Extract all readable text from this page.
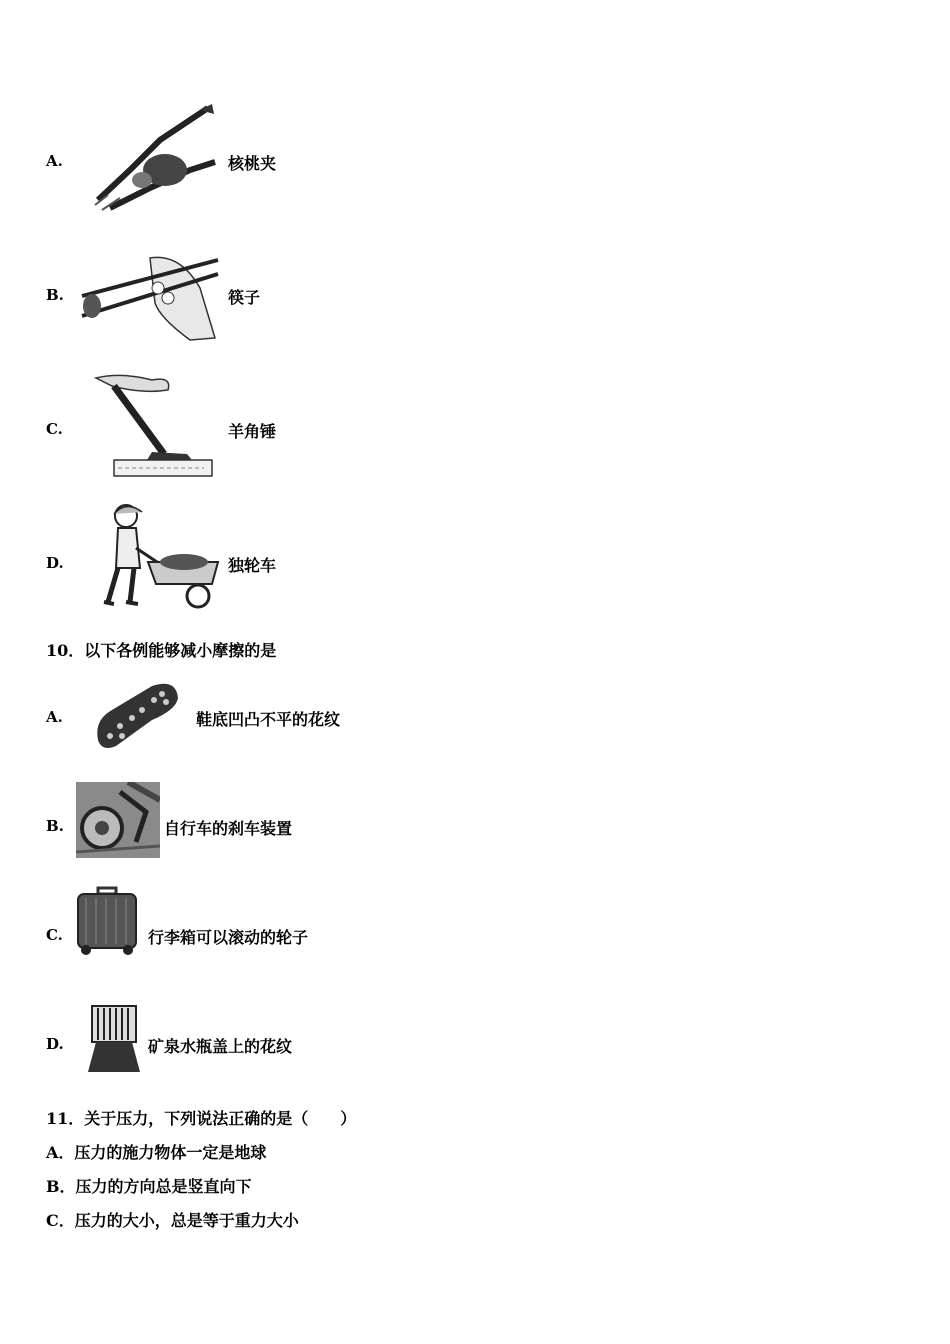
A.	核桃夹
B.	筷子
C.	羊角锤
D.	独轮车
10．以下各例能够减小摩擦的是
A.	鞋底凹凸不平的花纹
B.	自行车的刹车装置
C.	行李箱可以滚动的轮子
D.	矿泉水瓶盖上的花纹
11．关于压力，下列说法正确的是（　　）
A．压力的施力物体一定是地球
B．压力的方向总是竖直向下
C．压力的大小，总是等于重力大小
